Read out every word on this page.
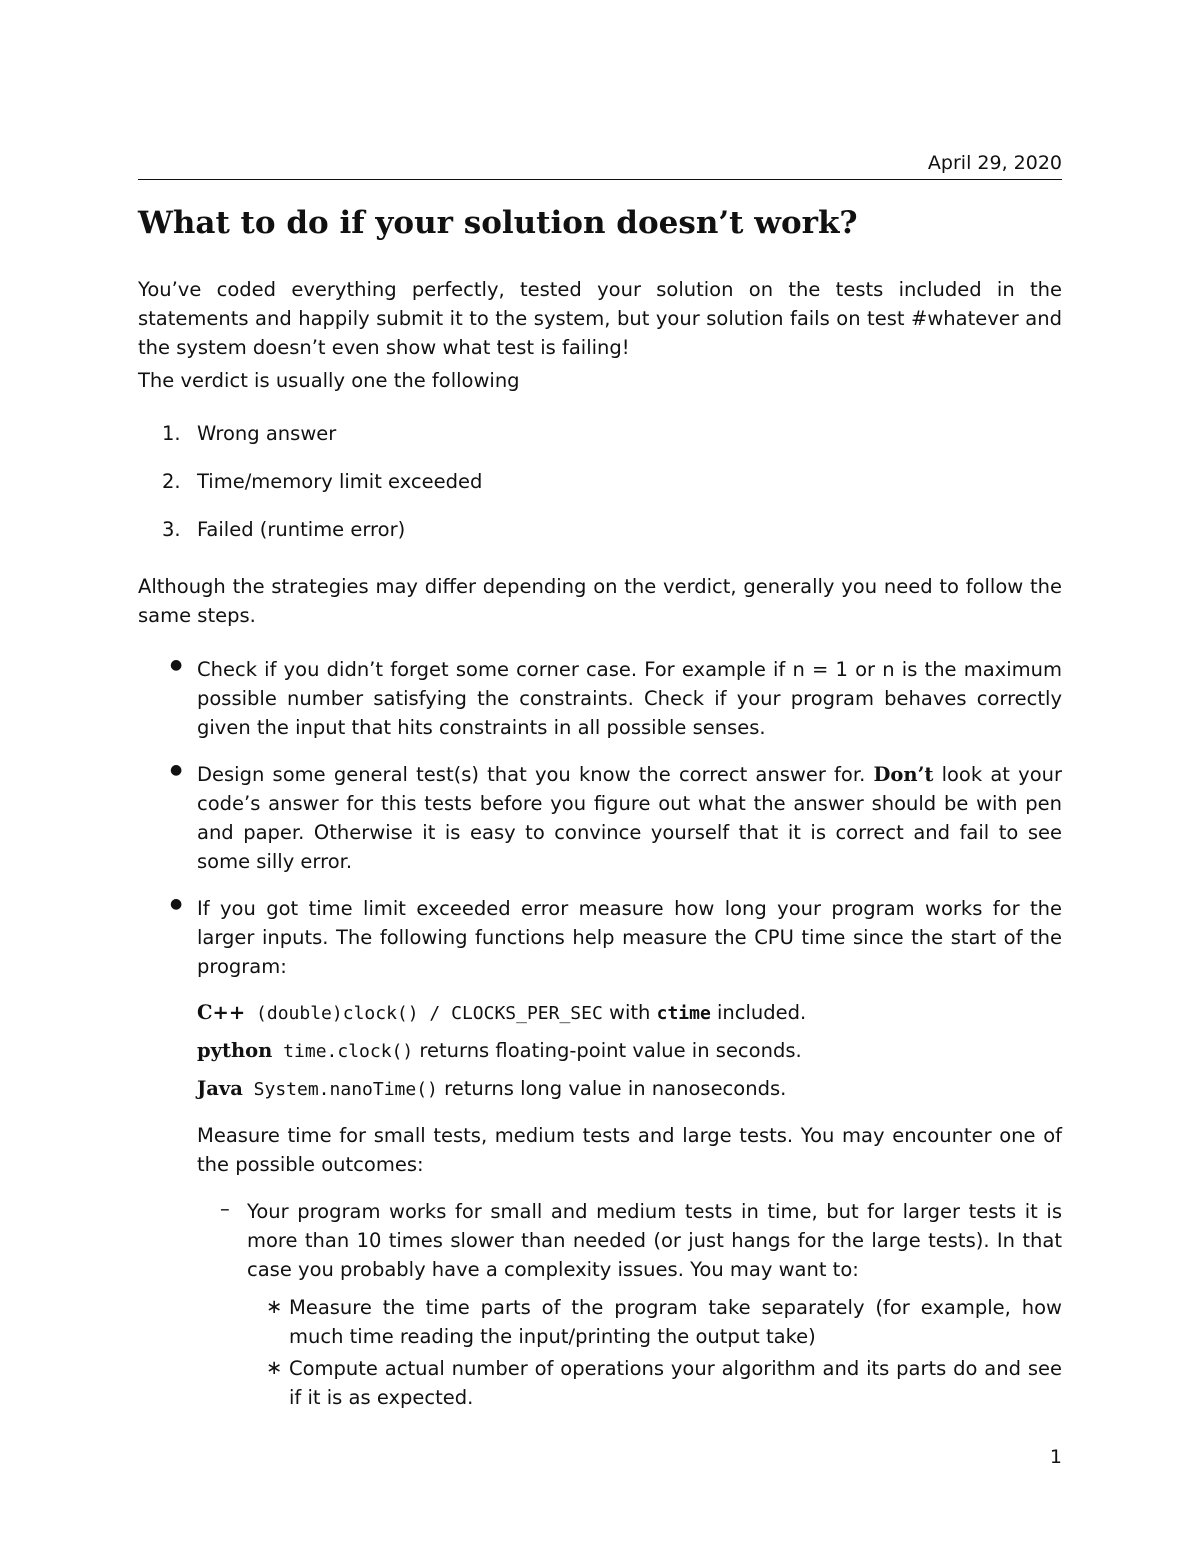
April 29, 2020
What to do if your solution doesn’t work?

You’ve coded everything perfectly, tested your solution on the tests included in the statements and happily submit it to the system, but your solution fails on test #whatever and the system doesn’t even show what test is failing!

The verdict is usually one the following

1. Wrong answer
2. Time/memory limit exceeded
3. Failed (runtime error)

Although the strategies may differ depending on the verdict, generally you need to follow the same steps.

● Check if you didn’t forget some corner case. For example if n = 1 or n is the maximum possible number satisfying the constraints. Check if your program behaves correctly given the input that hits constraints in all possible senses.
● Design some general test(s) that you know the correct answer for. Don’t look at your code’s answer for this tests before you figure out what the answer should be with pen and paper. Otherwise it is easy to convince yourself that it is correct and fail to see some silly error.
● If you got time limit exceeded error measure how long your program works for the larger inputs. The following functions help measure the CPU time since the start of the program:
C++ (double)clock() / CLOCKS_PER_SEC with ctime included.
python time.clock() returns floating-point value in seconds.
Java System.nanoTime() returns long value in nanoseconds.
Measure time for small tests, medium tests and large tests. You may encounter one of the possible outcomes:
– Your program works for small and medium tests in time, but for larger tests it is more than 10 times slower than needed (or just hangs for the large tests). In that case you probably have a complexity issues. You may want to:
∗ Measure the time parts of the program take separately (for example, how much time reading the input/printing the output take)
∗ Compute actual number of operations your algorithm and its parts do and see if it is as expected.
1
